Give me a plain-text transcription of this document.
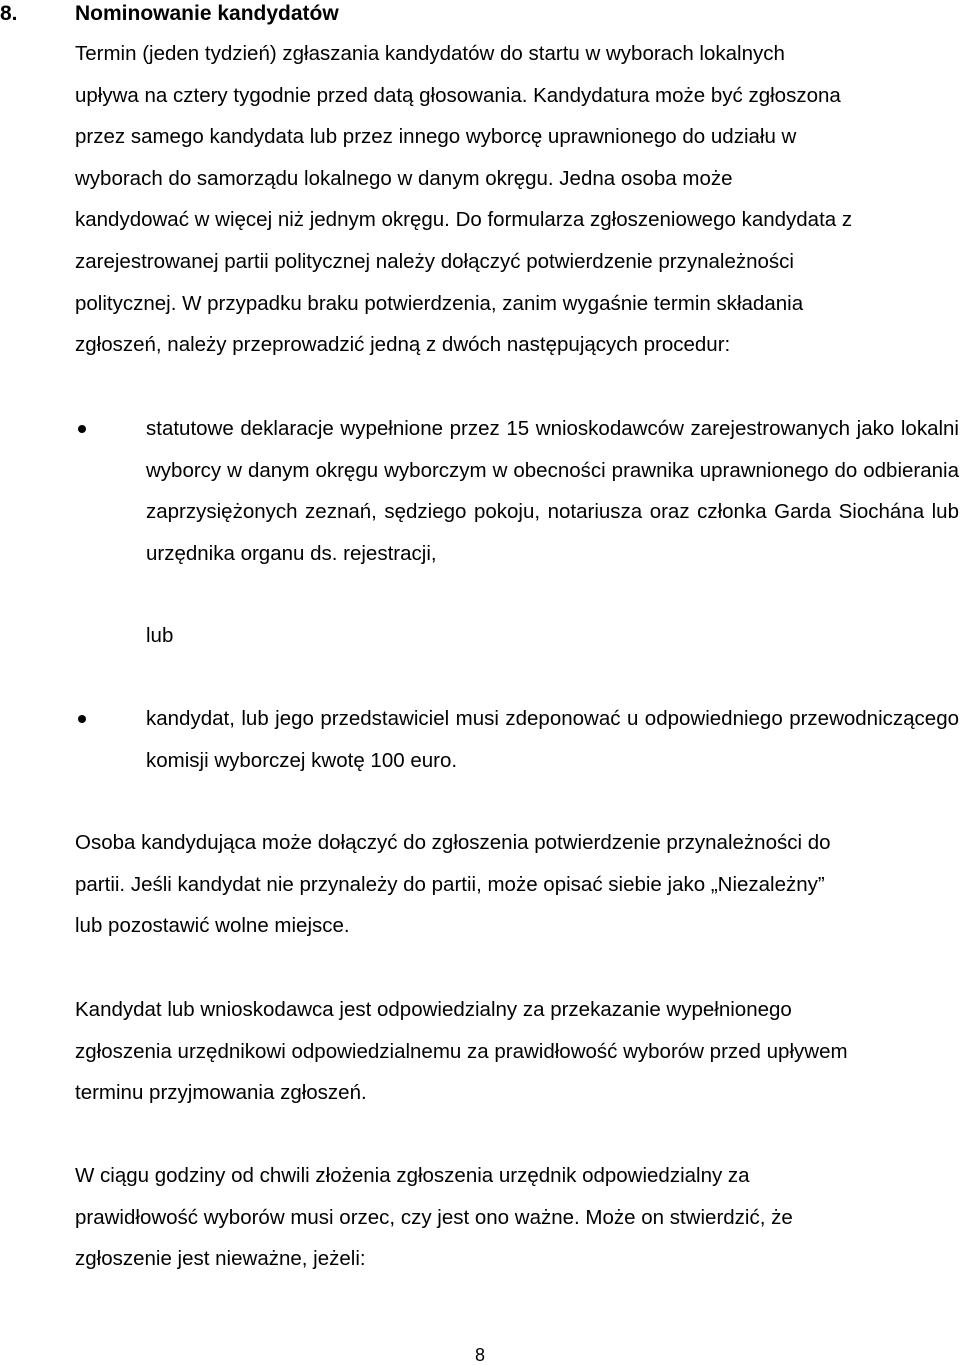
8.	Nominowanie kandydatów
Termin (jeden tydzień) zgłaszania kandydatów do startu w wyborach lokalnych
upływa na cztery tygodnie przed datą głosowania. Kandydatura może być zgłoszona
przez samego kandydata lub przez innego wyborcę uprawnionego do udziału w
wyborach do samorządu lokalnego w danym okręgu. Jedna osoba może
kandydować w więcej niż jednym okręgu. Do formularza zgłoszeniowego kandydata z
zarejestrowanej partii politycznej należy dołączyć potwierdzenie przynależności
politycznej. W przypadku braku potwierdzenia, zanim wygaśnie termin składania
zgłoszeń, należy przeprowadzić jedną z dwóch następujących procedur:

statutowe deklaracje wypełnione przez 15 wnioskodawców zarejestrowanych jako lokalni wyborcy w danym okręgu wyborczym w obecności prawnika uprawnionego do odbierania zaprzysiężonych zeznań, sędziego pokoju, notariusza oraz członka Garda Siochána lub urzędnika organu ds. rejestracji,

lub

kandydat, lub jego przedstawiciel musi zdeponować u odpowiedniego przewodniczącego komisji wyborczej kwotę 100 euro.

Osoba kandydująca może dołączyć do zgłoszenia potwierdzenie przynależności do
partii. Jeśli kandydat nie przynależy do partii, może opisać siebie jako „Niezależny”
lub pozostawić wolne miejsce.
Kandydat lub wnioskodawca jest odpowiedzialny za przekazanie wypełnionego
zgłoszenia urzędnikowi odpowiedzialnemu za prawidłowość wyborów przed upływem
terminu przyjmowania zgłoszeń.
W ciągu godziny od chwili złożenia zgłoszenia urzędnik odpowiedzialny za
prawidłowość wyborów musi orzec, czy jest ono ważne. Może on stwierdzić, że
zgłoszenie jest nieważne, jeżeli:
8
